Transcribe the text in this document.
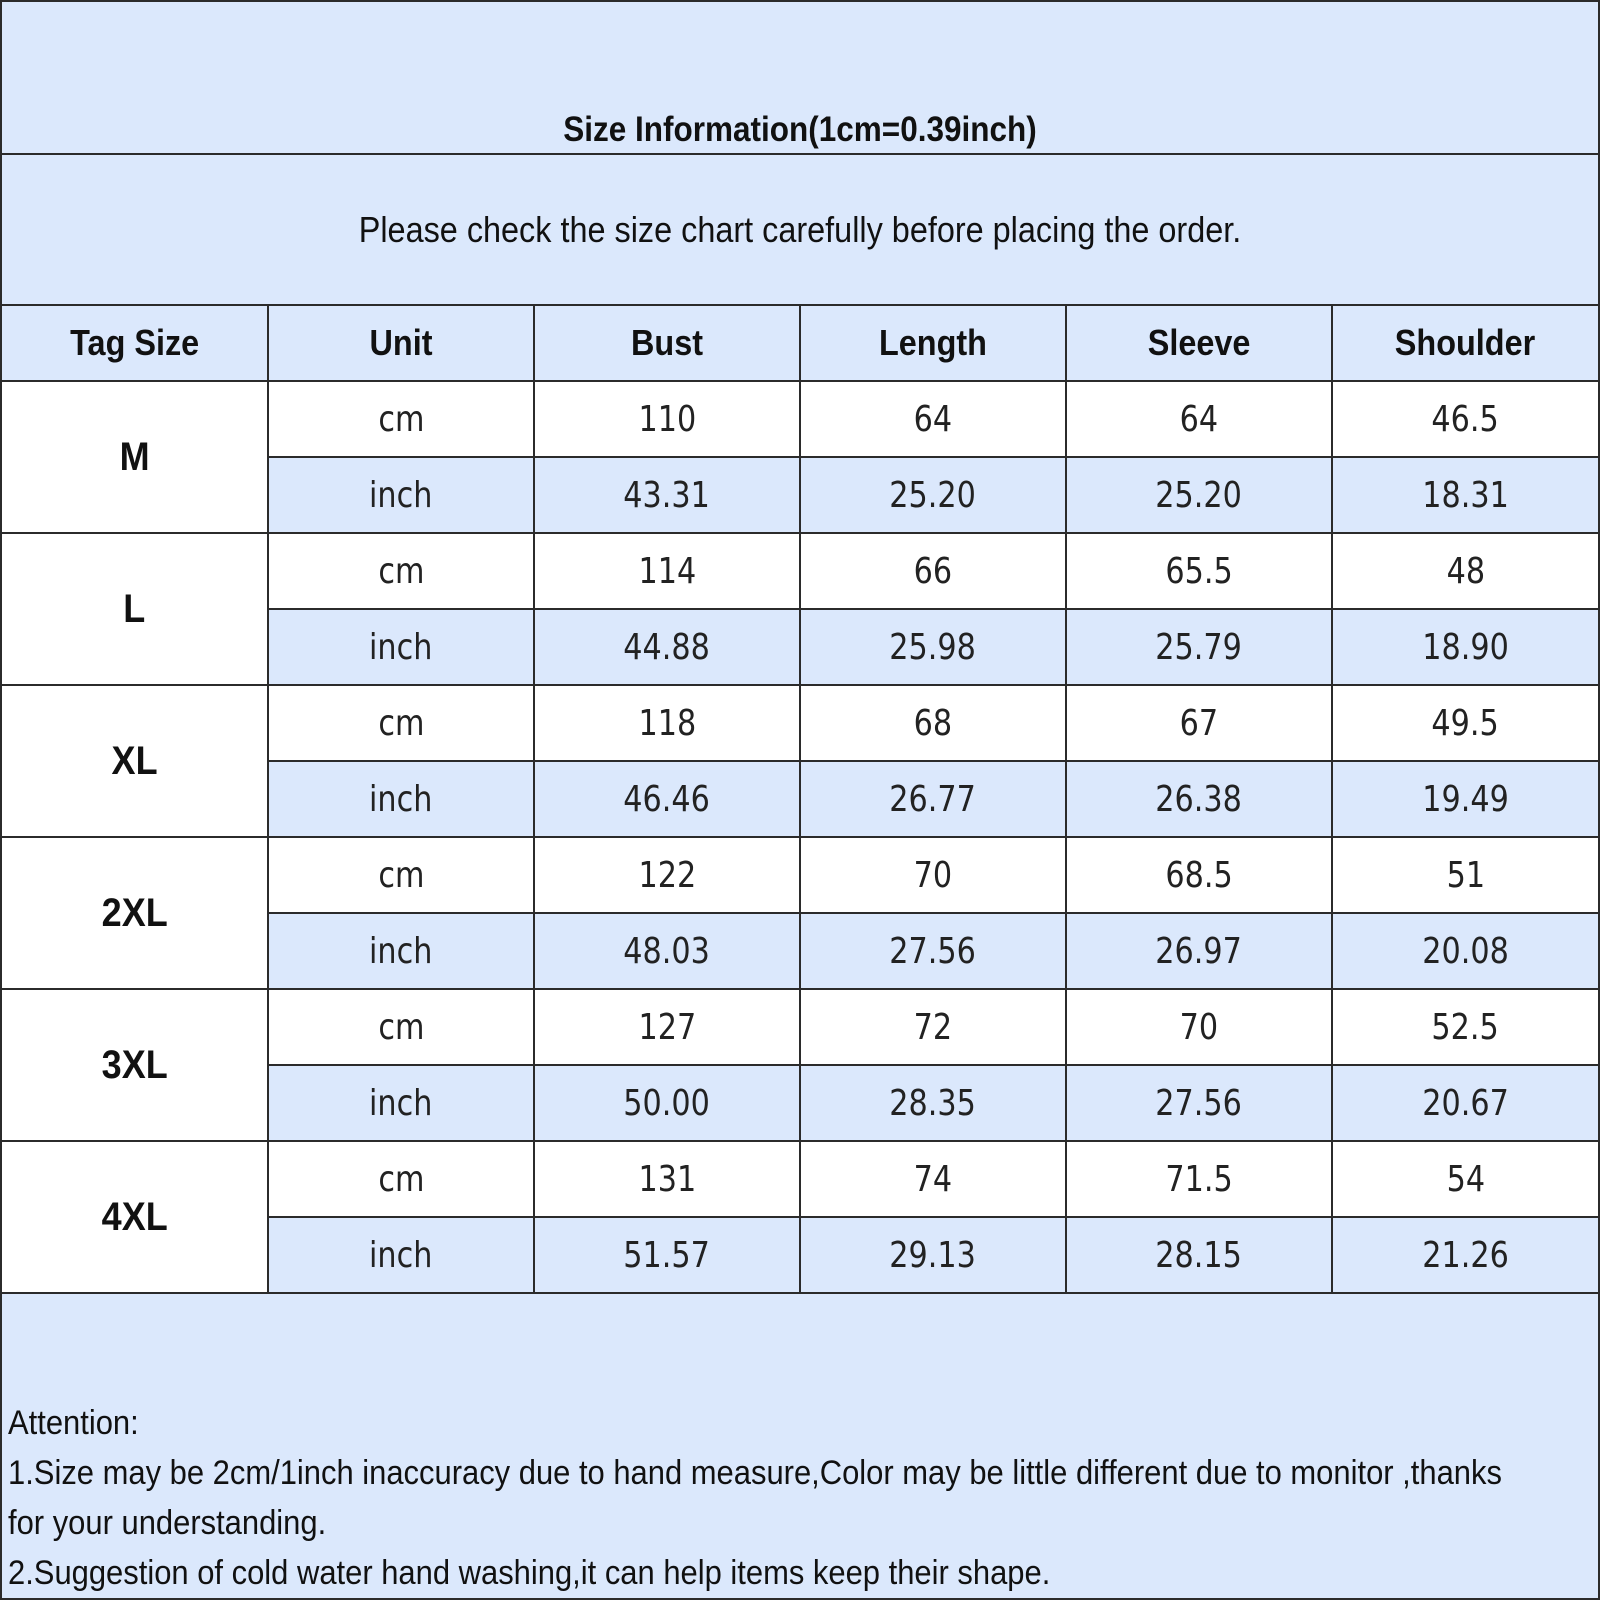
Size Information(1cm=0.39inch)
Please check the size chart carefully before placing the order.
Tag Size	Unit	Bust	Length	Sleeve	Shoulder
M	cm	110	64	64	46.5
	inch	43.31	25.20	25.20	18.31
L	cm	114	66	65.5	48
	inch	44.88	25.98	25.79	18.90
XL	cm	118	68	67	49.5
	inch	46.46	26.77	26.38	19.49
2XL	cm	122	70	68.5	51
	inch	48.03	27.56	26.97	20.08
3XL	cm	127	72	70	52.5
	inch	50.00	28.35	27.56	20.67
4XL	cm	131	74	71.5	54
	inch	51.57	29.13	28.15	21.26
Attention:
1.Size may be 2cm/1inch inaccuracy due to hand measure,Color may be little different due to monitor ,thanks
for your understanding.
2.Suggestion of cold water hand washing,it can help items keep their shape.
